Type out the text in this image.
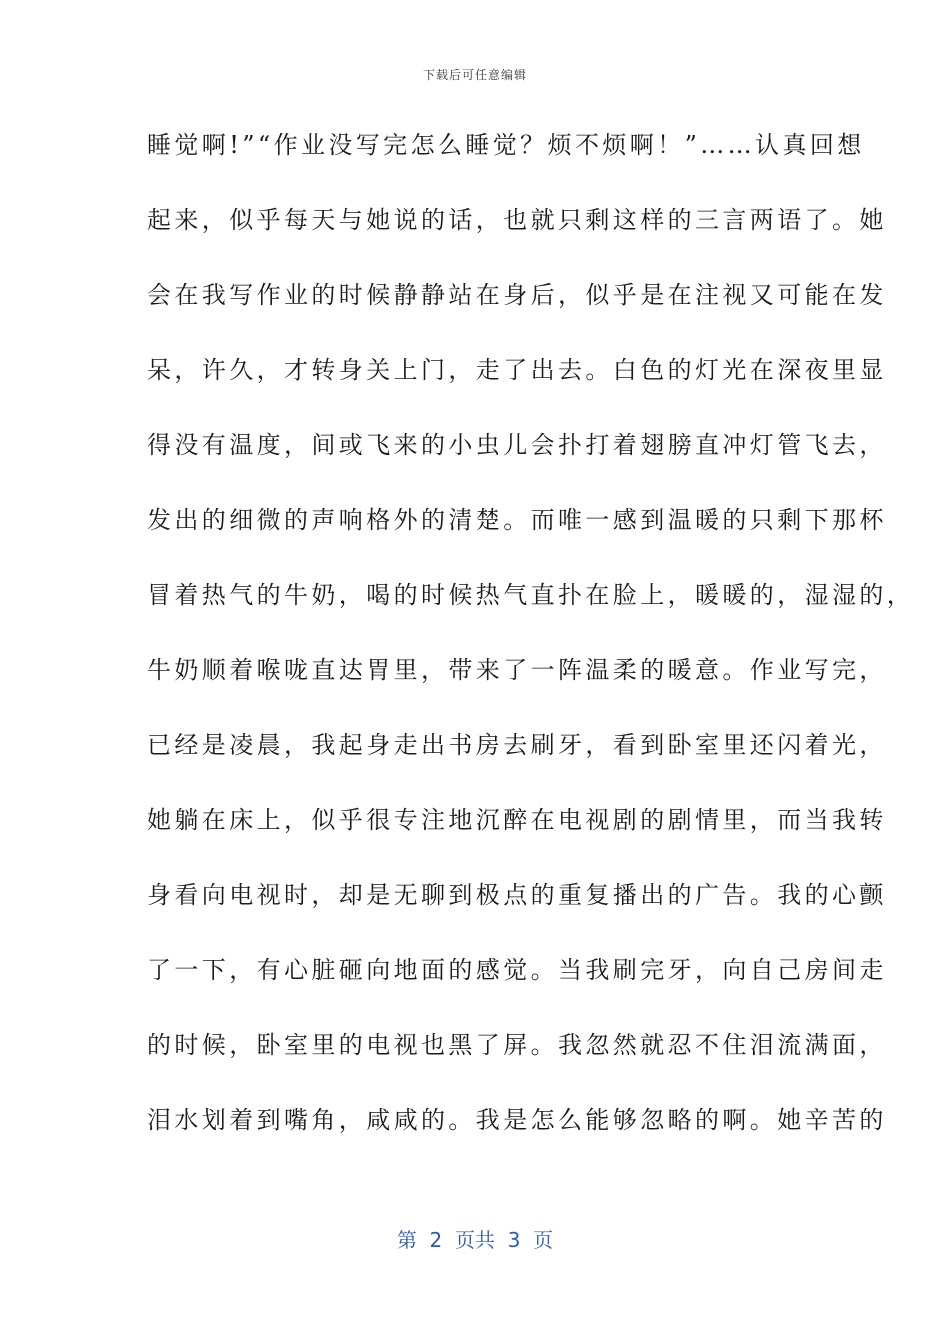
下载后可任意编辑
睡觉啊!”“作业没写完怎么睡觉？烦不烦啊！”……认真回想
起来，似乎每天与她说的话，也就只剩这样的三言两语了。她
会在我写作业的时候静静站在身后，似乎是在注视又可能在发
呆，许久，才转身关上门，走了出去。白色的灯光在深夜里显
得没有温度，间或飞来的小虫儿会扑打着翅膀直冲灯管飞去，
发出的细微的声响格外的清楚。而唯一感到温暖的只剩下那杯
冒着热气的牛奶，喝的时候热气直扑在脸上，暖暖的，湿湿的，
牛奶顺着喉咙直达胃里，带来了一阵温柔的暖意。作业写完，
已经是凌晨，我起身走出书房去刷牙，看到卧室里还闪着光，
她躺在床上，似乎很专注地沉醉在电视剧的剧情里，而当我转
身看向电视时，却是无聊到极点的重复播出的广告。我的心颤
了一下，有心脏砸向地面的感觉。当我刷完牙，向自己房间走
的时候，卧室里的电视也黑了屏。我忽然就忍不住泪流满面，
泪水划着到嘴角，咸咸的。我是怎么能够忽略的啊。她辛苦的
第  2  页共  3  页
